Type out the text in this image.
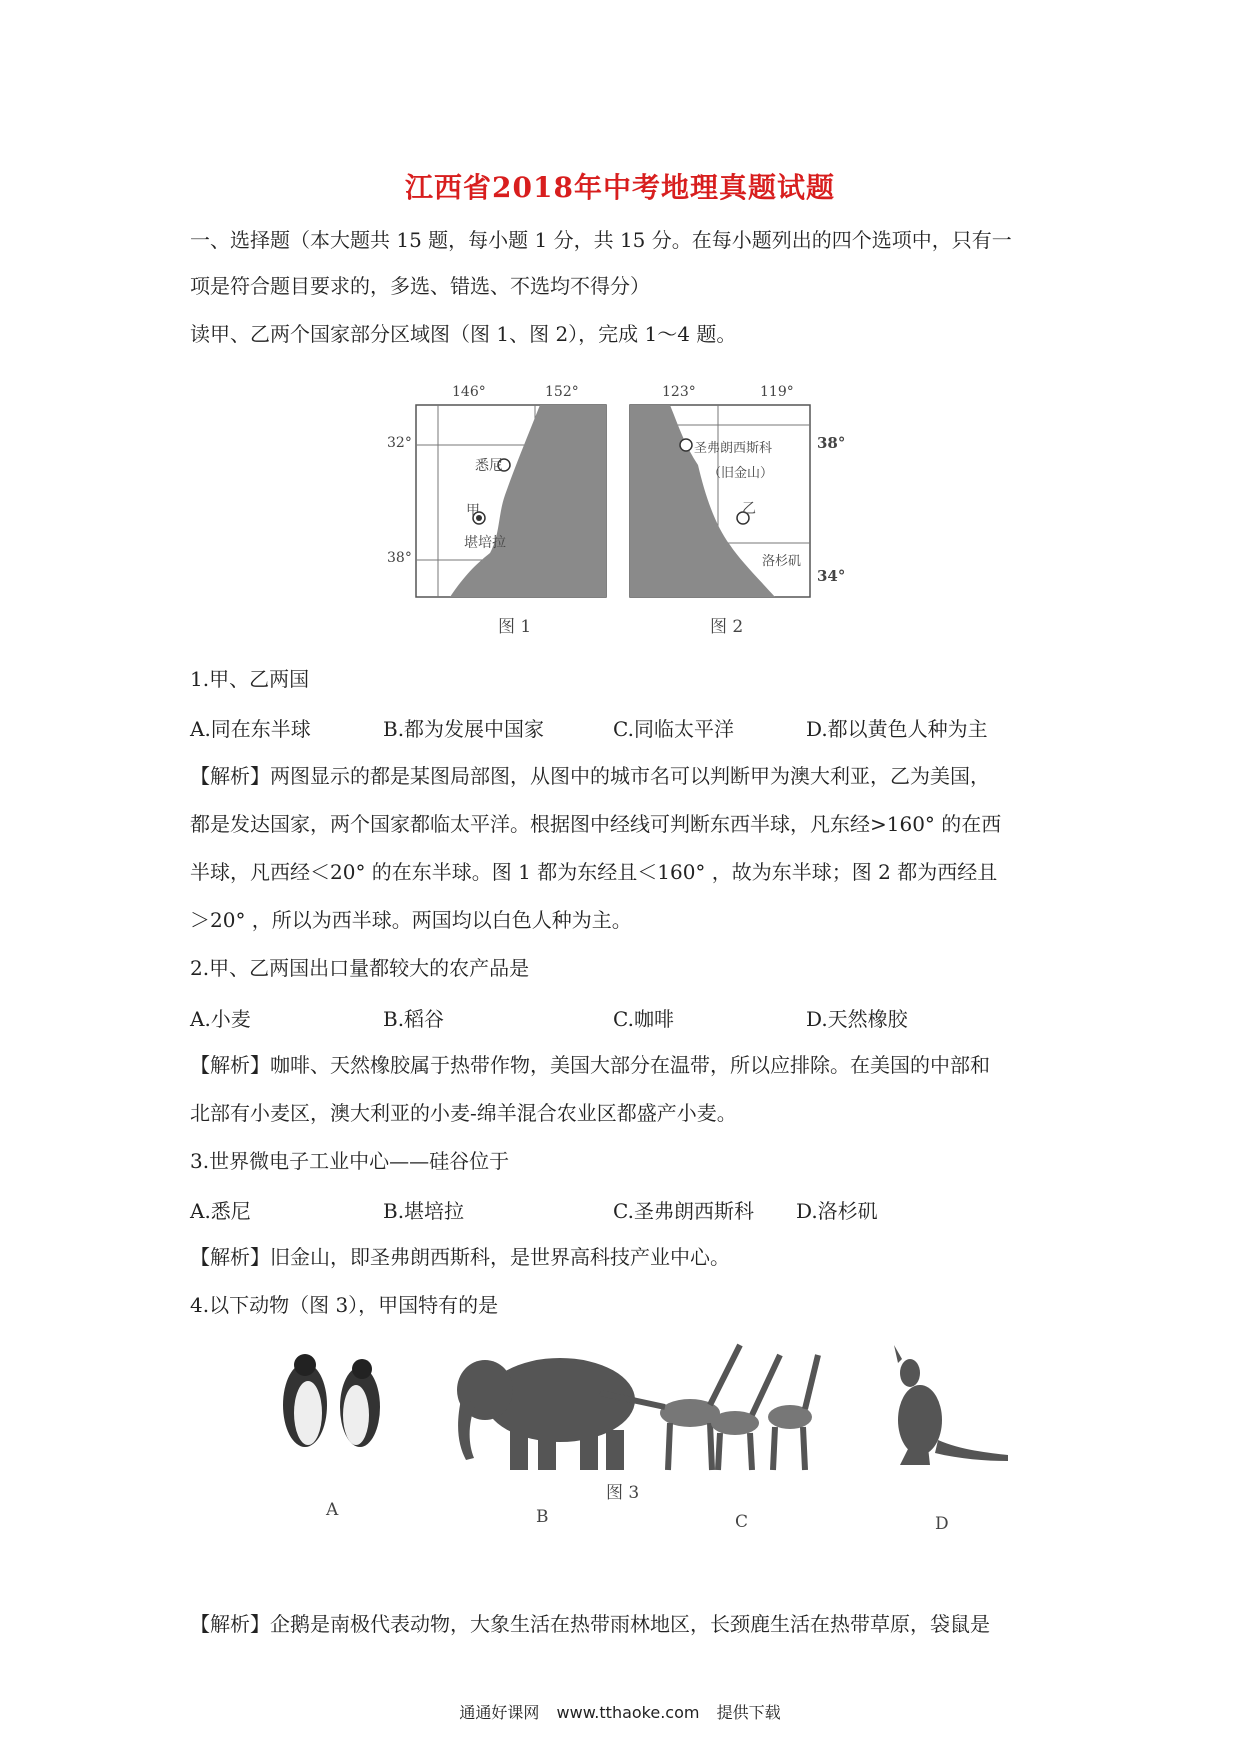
江西省2018年中考地理真题试题
一、选择题（本大题共 15 题，每小题 1 分，共 15 分。在每小题列出的四个选项中，只有一
项是符合题目要求的，多选、错选、不选均不得分）
读甲、乙两个国家部分区域图（图 1、图 2），完成 1～4 题。
146°	152°
32°
38°
悉尼
甲
堪培拉
图 1
123°	119°
38°
34°
圣弗朗西斯科
（旧金山）
乙
洛杉矶
图 2
1.甲、乙两国
A.同在东半球	B.都为发展中国家	C.同临太平洋	D.都以黄色人种为主
【解析】两图显示的都是某图局部图，从图中的城市名可以判断甲为澳大利亚，乙为美国，
都是发达国家，两个国家都临太平洋。根据图中经线可判断东西半球，凡东经>160° 的在西
半球，凡西经＜20° 的在东半球。图 1 都为东经且＜160° ，故为东半球；图 2 都为西经且
＞20° ，所以为西半球。两国均以白色人种为主。
2.甲、乙两国出口量都较大的农产品是
A.小麦	B.稻谷	C.咖啡	D.天然橡胶
【解析】咖啡、天然橡胶属于热带作物，美国大部分在温带，所以应排除。在美国的中部和
北部有小麦区，澳大利亚的小麦-绵羊混合农业区都盛产小麦。
3.世界微电子工业中心——硅谷位于
A.悉尼	B.堪培拉	C.圣弗朗西斯科 D.洛杉矶
【解析】旧金山，即圣弗朗西斯科，是世界高科技产业中心。
4.以下动物（图 3），甲国特有的是
A	B
图 3
C	D
【解析】企鹅是南极代表动物，大象生活在热带雨林地区，长颈鹿生活在热带草原，袋鼠是
通通好课网 www.tthaoke.com 提供下载
